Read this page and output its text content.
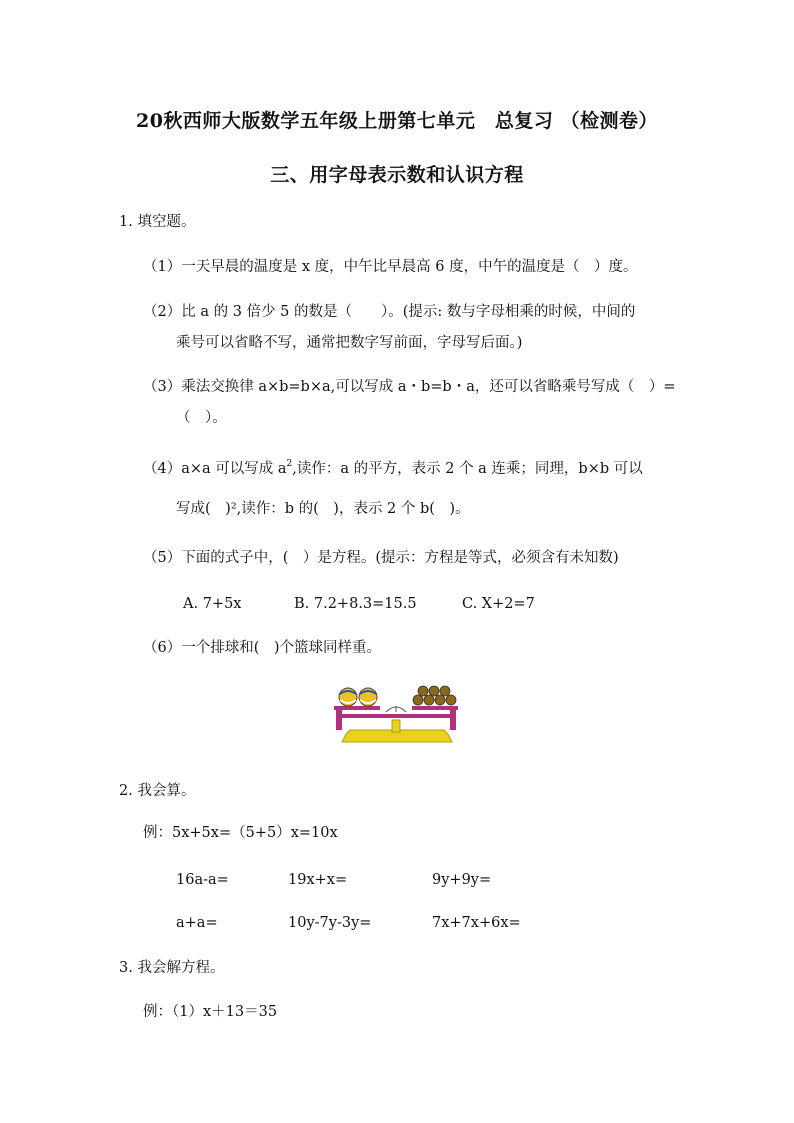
20秋西师大版数学五年级上册第七单元　总复习 （检测卷）
三、用字母表示数和认识方程
1. 填空题。
（1）一天早晨的温度是 x 度，中午比早晨高 6 度，中午的温度是（　）度。
（2）比 a 的 3 倍少 5 的数是（　　）。(提示: 数与字母相乘的时候，中间的
乘号可以省略不写，通常把数字写前面，字母写后面。)
（3）乘法交换律 a×b=b×a,可以写成 a・b=b・a，还可以省略乘号写成（　）=
（　）。
（4）a×a 可以写成 $a^2$,读作：a 的平方，表示 2 个 a 连乘；同理，b×b 可以
写成(　)²,读作：b 的(　)，表示 2 个 b(　)。
（5）下面的式子中，(　）是方程。(提示：方程是等式，必须含有未知数)
A. 7+5x	B. 7.2+8.3=15.5	C. X+2=7
（6）一个排球和(　)个篮球同样重。
2. 我会算。
例：5x+5x=（5+5）x=10x
16a-a=	19x+x=	9y+9y=
a+a=	10y-7y-3y=	7x+7x+6x=
3. 我会解方程。
例：（1）x＋13＝35
